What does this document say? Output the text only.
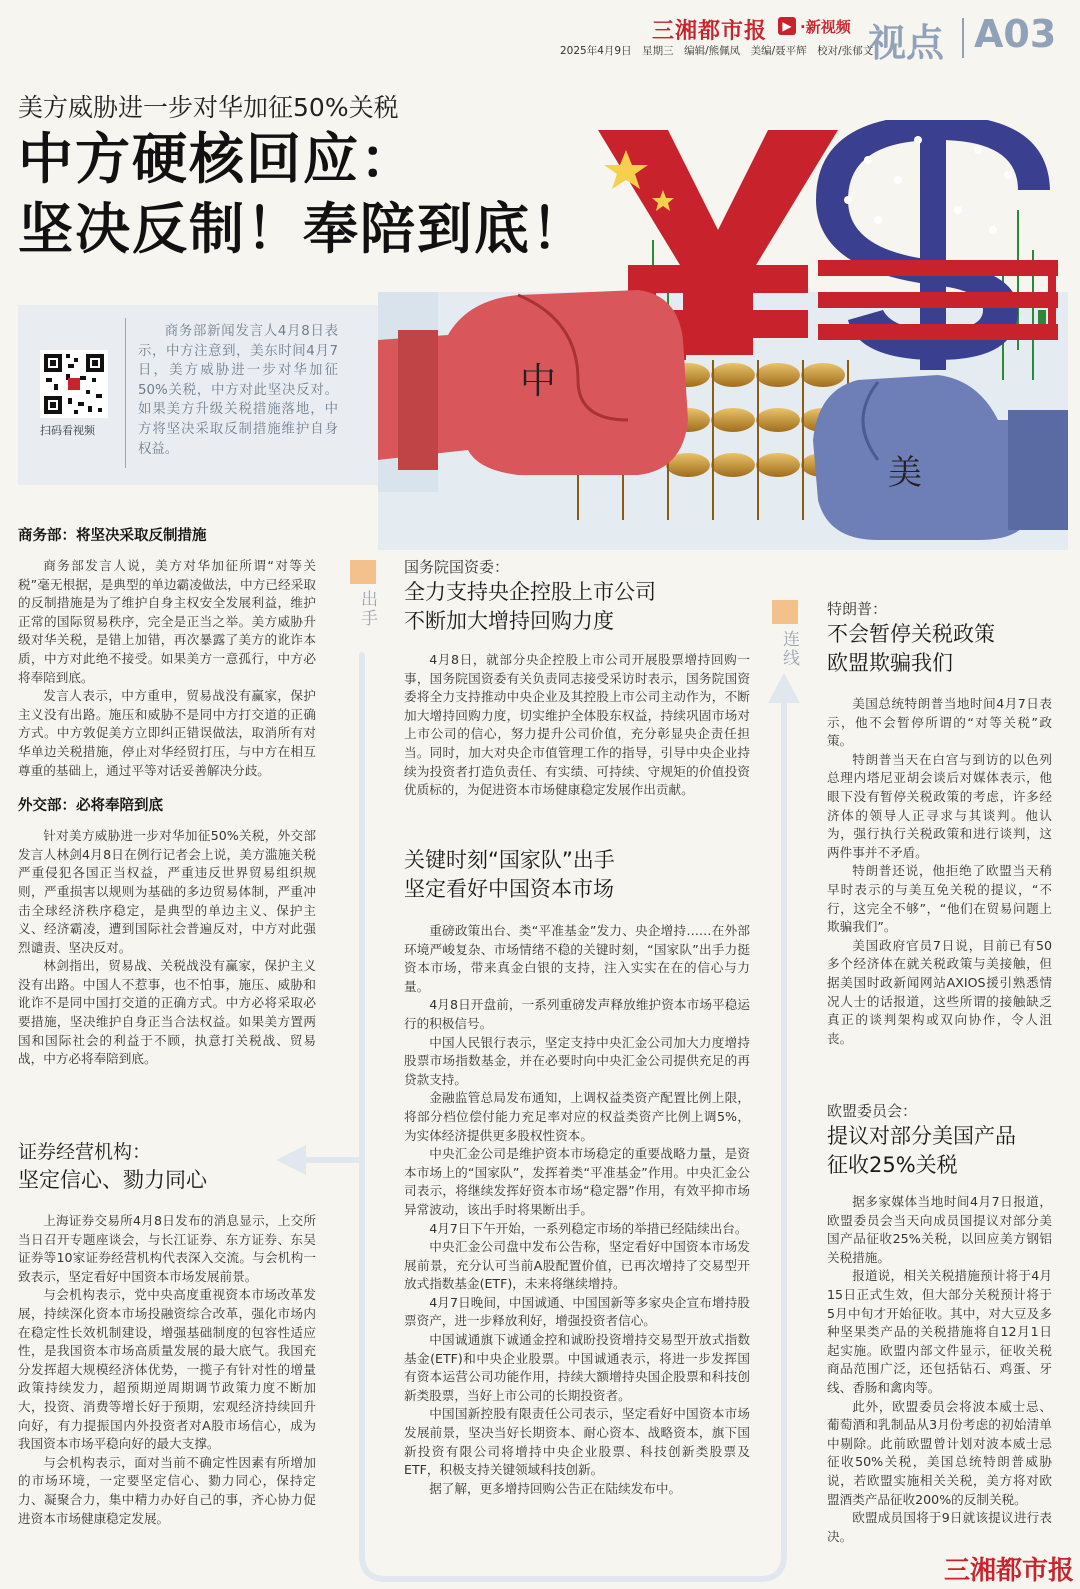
三湘都市报	▶ ·新视频
2025年4月9日　星期三　编辑/熊佩凤　美编/聂平辉　校对/张郁文
视点 A03
美方威胁进一步对华加征50%关税
中方硬核回应：
坚决反制！奉陪到底！
中
美
扫码看视频

商务部新闻发言人4月8日表示，中方注意到，美东时间4月7日，美方威胁进一步对华加征50%关税，中方对此坚决反对。如果美方升级关税措施落地，中方将坚决采取反制措施维护自身权益。

商务部：将坚决采取反制措施

商务部发言人说，美方对华加征所谓“对等关税”毫无根据，是典型的单边霸凌做法，中方已经采取的反制措施是为了维护自身主权安全发展利益，维护正常的国际贸易秩序，完全是正当之举。美方威胁升级对华关税，是错上加错，再次暴露了美方的讹诈本质，中方对此绝不接受。如果美方一意孤行，中方必将奉陪到底。

发言人表示，中方重申，贸易战没有赢家，保护主义没有出路。施压和威胁不是同中方打交道的正确方式。中方敦促美方立即纠正错误做法，取消所有对华单边关税措施，停止对华经贸打压，与中方在相互尊重的基础上，通过平等对话妥善解决分歧。

外交部：必将奉陪到底

针对美方威胁进一步对华加征50%关税，外交部发言人林剑4月8日在例行记者会上说，美方滥施关税严重侵犯各国正当权益，严重违反世界贸易组织规则，严重损害以规则为基础的多边贸易体制，严重冲击全球经济秩序稳定，是典型的单边主义、保护主义、经济霸凌，遭到国际社会普遍反对，中方对此强烈谴责、坚决反对。

林剑指出，贸易战、关税战没有赢家，保护主义没有出路。中国人不惹事，也不怕事，施压、威胁和讹诈不是同中国打交道的正确方式。中方必将采取必要措施，坚决维护自身正当合法权益。如果美方置两国和国际社会的利益于不顾，执意打关税战、贸易战，中方必将奉陪到底。

证券经营机构：
坚定信心、勠力同心

上海证券交易所4月8日发布的消息显示，上交所当日召开专题座谈会，与长江证券、东方证券、东吴证券等10家证券经营机构代表深入交流。与会机构一致表示，坚定看好中国资本市场发展前景。

与会机构表示，党中央高度重视资本市场改革发展，持续深化资本市场投融资综合改革，强化市场内在稳定性长效机制建设，增强基础制度的包容性适应性，是我国资本市场高质量发展的最大底气。我国充分发挥超大规模经济体优势，一揽子有针对性的增量政策持续发力，超预期逆周期调节政策力度不断加大，投资、消费等增长好于预期，宏观经济持续回升向好，有力提振国内外投资者对A股市场信心，成为我国资本市场平稳向好的最大支撑。

与会机构表示，面对当前不确定性因素有所增加的市场环境，一定要坚定信心、勠力同心，保持定力、凝聚合力，集中精力办好自己的事，齐心协力促进资本市场健康稳定发展。

出手
连线
国务院国资委：
全力支持央企控股上市公司
不断加大增持回购力度

4月8日，就部分央企控股上市公司开展股票增持回购一事，国务院国资委有关负责同志接受采访时表示，国务院国资委将全力支持推动中央企业及其控股上市公司主动作为，不断加大增持回购力度，切实维护全体股东权益，持续巩固市场对上市公司的信心，努力提升公司价值，充分彰显央企责任担当。同时，加大对央企市值管理工作的指导，引导中央企业持续为投资者打造负责任、有实绩、可持续、守规矩的价值投资优质标的，为促进资本市场健康稳定发展作出贡献。

关键时刻“国家队”出手
坚定看好中国资本市场

重磅政策出台、类“平准基金”发力、央企增持……在外部环境严峻复杂、市场情绪不稳的关键时刻，“国家队”出手力挺资本市场，带来真金白银的支持，注入实实在在的信心与力量。

4月8日开盘前，一系列重磅发声释放维护资本市场平稳运行的积极信号。

中国人民银行表示，坚定支持中央汇金公司加大力度增持股票市场指数基金，并在必要时向中央汇金公司提供充足的再贷款支持。

金融监管总局发布通知，上调权益类资产配置比例上限，将部分档位偿付能力充足率对应的权益类资产比例上调5%，为实体经济提供更多股权性资本。

中央汇金公司是维护资本市场稳定的重要战略力量，是资本市场上的“国家队”，发挥着类“平准基金”作用。中央汇金公司表示，将继续发挥好资本市场“稳定器”作用，有效平抑市场异常波动，该出手时将果断出手。

4月7日下午开始，一系列稳定市场的举措已经陆续出台。

中央汇金公司盘中发布公告称，坚定看好中国资本市场发展前景，充分认可当前A股配置价值，已再次增持了交易型开放式指数基金(ETF)，未来将继续增持。

4月7日晚间，中国诚通、中国国新等多家央企宣布增持股票资产，进一步释放利好，增强投资者信心。

中国诚通旗下诚通金控和诚盼投资增持交易型开放式指数基金(ETF)和中央企业股票。中国诚通表示，将进一步发挥国有资本运营公司功能作用，持续大额增持央国企股票和科技创新类股票，当好上市公司的长期投资者。

中国国新控股有限责任公司表示，坚定看好中国资本市场发展前景，坚决当好长期资本、耐心资本、战略资本，旗下国新投资有限公司将增持中央企业股票、科技创新类股票及ETF，积极支持关键领域科技创新。

据了解，更多增持回购公告正在陆续发布中。

特朗普：
不会暂停关税政策
欧盟欺骗我们

美国总统特朗普当地时间4月7日表示，他不会暂停所谓的“对等关税”政策。

特朗普当天在白宫与到访的以色列总理内塔尼亚胡会谈后对媒体表示，他眼下没有暂停关税政策的考虑，许多经济体的领导人正寻求与其谈判。他认为，强行执行关税政策和进行谈判，这两件事并不矛盾。

特朗普还说，他拒绝了欧盟当天稍早时表示的与美互免关税的提议，“不行，这完全不够”，“他们在贸易问题上欺骗我们”。

美国政府官员7日说，目前已有50多个经济体在就关税政策与美接触，但据美国时政新闻网站AXIOS援引熟悉情况人士的话报道，这些所谓的接触缺乏真正的谈判架构或双向协作，令人沮丧。

欧盟委员会：
提议对部分美国产品
征收25%关税

据多家媒体当地时间4月7日报道，欧盟委员会当天向成员国提议对部分美国产品征收25%关税，以回应美方钢铝关税措施。

报道说，相关关税措施预计将于4月15日正式生效，但大部分关税预计将于5月中旬才开始征收。其中，对大豆及多种坚果类产品的关税措施将自12月1日起实施。欧盟内部文件显示，征收关税商品范围广泛，还包括钻石、鸡蛋、牙线、香肠和禽肉等。

此外，欧盟委员会将波本威士忌、葡萄酒和乳制品从3月份考虑的初始清单中剔除。此前欧盟曾计划对波本威士忌征收50%关税，美国总统特朗普威胁说，若欧盟实施相关关税，美方将对欧盟酒类产品征收200%的反制关税。

欧盟成员国将于9日就该提议进行表决。

三湘都市报
